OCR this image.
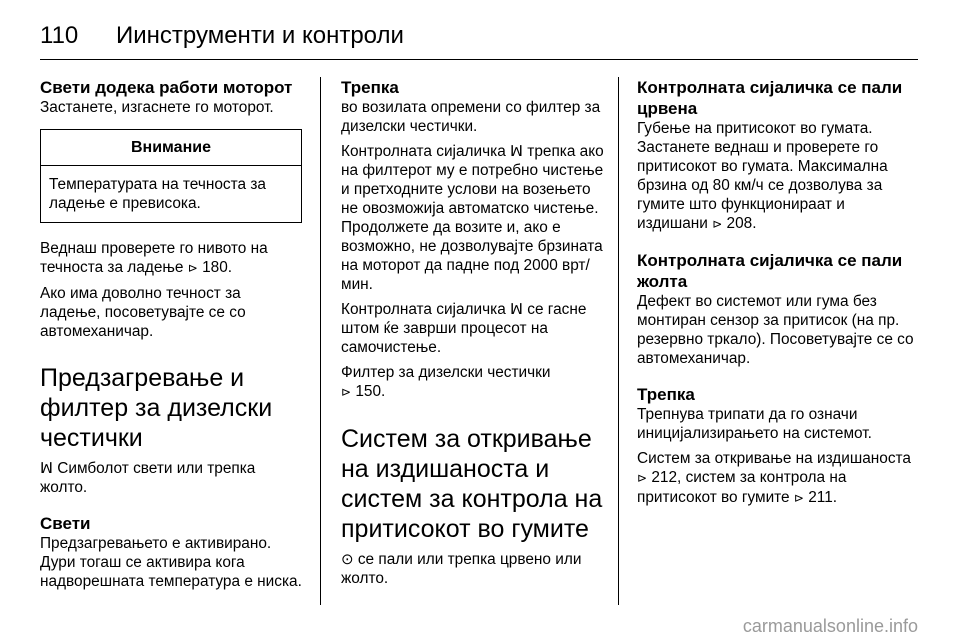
110	Иинструменти и контроли
Свети додека работи моторот

Застанете, изгаснете го моторот.

Внимание
Температурата на течноста за ладење е превисока.

Веднаш проверете го нивото на течноста за ладење ⊳ 180.

Ако има доволно течност за ладење, посоветувајте се со автомеханичар.

Предзагревање и филтер за дизелски честички

ꟽ Симболот свети или трепка жолто.

Свети

Предзагревањето е активирано. Дури тогаш се активира кога надворешната температура е ниска.

Трепка

во возилата опремени со филтер за дизелски честички.

Контролната сијаличка ꟽ трепка ако на филтерот му е потребно чистење и претходните услови на возењето не овозможија автоматско чистење. Продолжете да возите и, ако е возможно, не дозволувајте брзината на моторот да падне под 2000 врт/мин.

Контролната сијаличка ꟽ се гасне штом ќе заврши процесот на самочистење.

Филтер за дизелски честички
⊳ 150.

Систем за откривање на издишаноста и систем за контрола на притисокот во гумите

⊙ се пали или трепка црвено или жолто.

Контролната сијаличка се пали црвена

Губење на притисокот во гумата. Застанете веднаш и проверете го притисокот во гумата. Максимална брзина од 80 км/ч се дозволува за гумите што функционираат и издишани ⊳ 208.

Контролната сијаличка се пали жолта

Дефект во системот или гума без монтиран сензор за притисок (на пр. резервно тркало). Посоветувајте се со автомеханичар.

Трепка

Трепнува трипати да го означи иницијализирањето на системот.

Систем за откривање на издишаноста ⊳ 212, систем за контрола на притисокот во гумите ⊳ 211.

carmanualsonline.info
